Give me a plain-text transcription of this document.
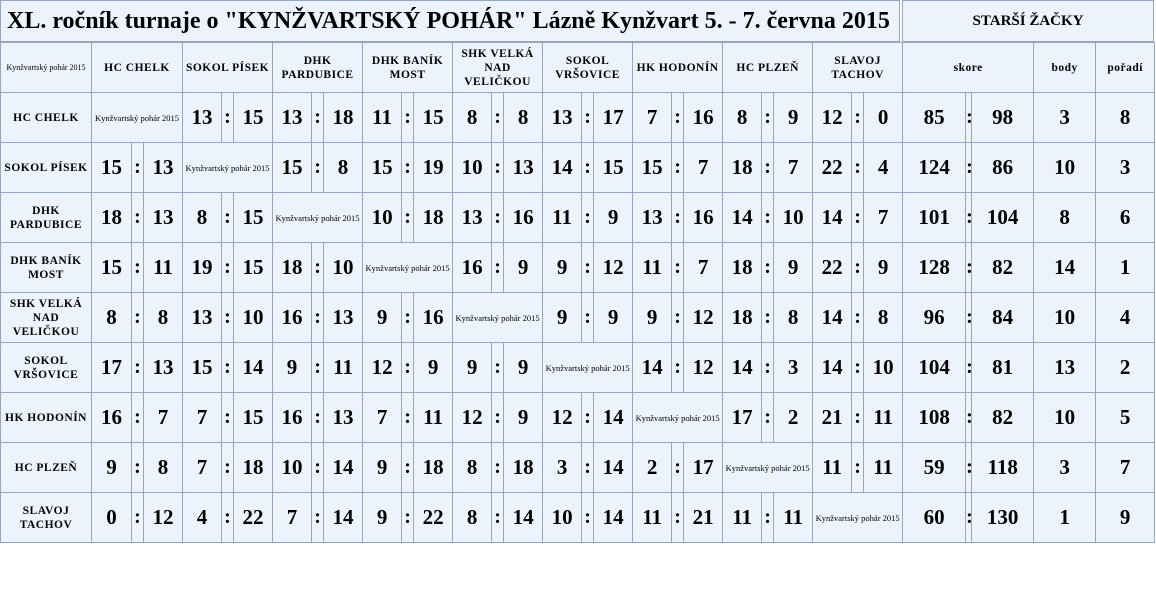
XL. ročník turnaje o "KYNŽVARTSKÝ POHÁR" Lázně Kynžvart 5. - 7. června 2015	STARŠÍ ŽAČKY
Kynžvartský pohár 2015	HC CHELK			SOKOL PÍSEK			DHK PARDUBICE			DHK BANÍK MOST			SHK VELKÁ NAD VELIČKOU			SOKOL VRŠOVICE			HK HODONÍN			HC PLZEŇ			SLAVOJ TACHOV			skore			body	pořadí
HC CHELK	Kynžvartský pohár 2015			13	:	15	13	:	18	11	:	15	8	:	8	13	:	17	7	:	16	8	:	9	12	:	0	85	:	98	3	8
SOKOL PÍSEK	15	:	13	Kynžvartský pohár 2015			15	:	8	15	:	19	10	:	13	14	:	15	15	:	7	18	:	7	22	:	4	124	:	86	10	3
DHK PARDUBICE	18	:	13	8	:	15	Kynžvartský pohár 2015			10	:	18	13	:	16	11	:	9	13	:	16	14	:	10	14	:	7	101	:	104	8	6
DHK BANÍK MOST	15	:	11	19	:	15	18	:	10	Kynžvartský pohár 2015			16	:	9	9	:	12	11	:	7	18	:	9	22	:	9	128	:	82	14	1
SHK VELKÁ NAD VELIČKOU	8	:	8	13	:	10	16	:	13	9	:	16	Kynžvartský pohár 2015			9	:	9	9	:	12	18	:	8	14	:	8	96	:	84	10	4
SOKOL VRŠOVICE	17	:	13	15	:	14	9	:	11	12	:	9	9	:	9	Kynžvartský pohár 2015			14	:	12	14	:	3	14	:	10	104	:	81	13	2
HK HODONÍN	16	:	7	7	:	15	16	:	13	7	:	11	12	:	9	12	:	14	Kynžvartský pohár 2015			17	:	2	21	:	11	108	:	82	10	5
HC PLZEŇ	9	:	8	7	:	18	10	:	14	9	:	18	8	:	18	3	:	14	2	:	17	Kynžvartský pohár 2015			11	:	11	59	:	118	3	7
SLAVOJ TACHOV	0	:	12	4	:	22	7	:	14	9	:	22	8	:	14	10	:	14	11	:	21	11	:	11	Kynžvartský pohár 2015			60	:	130	1	9
